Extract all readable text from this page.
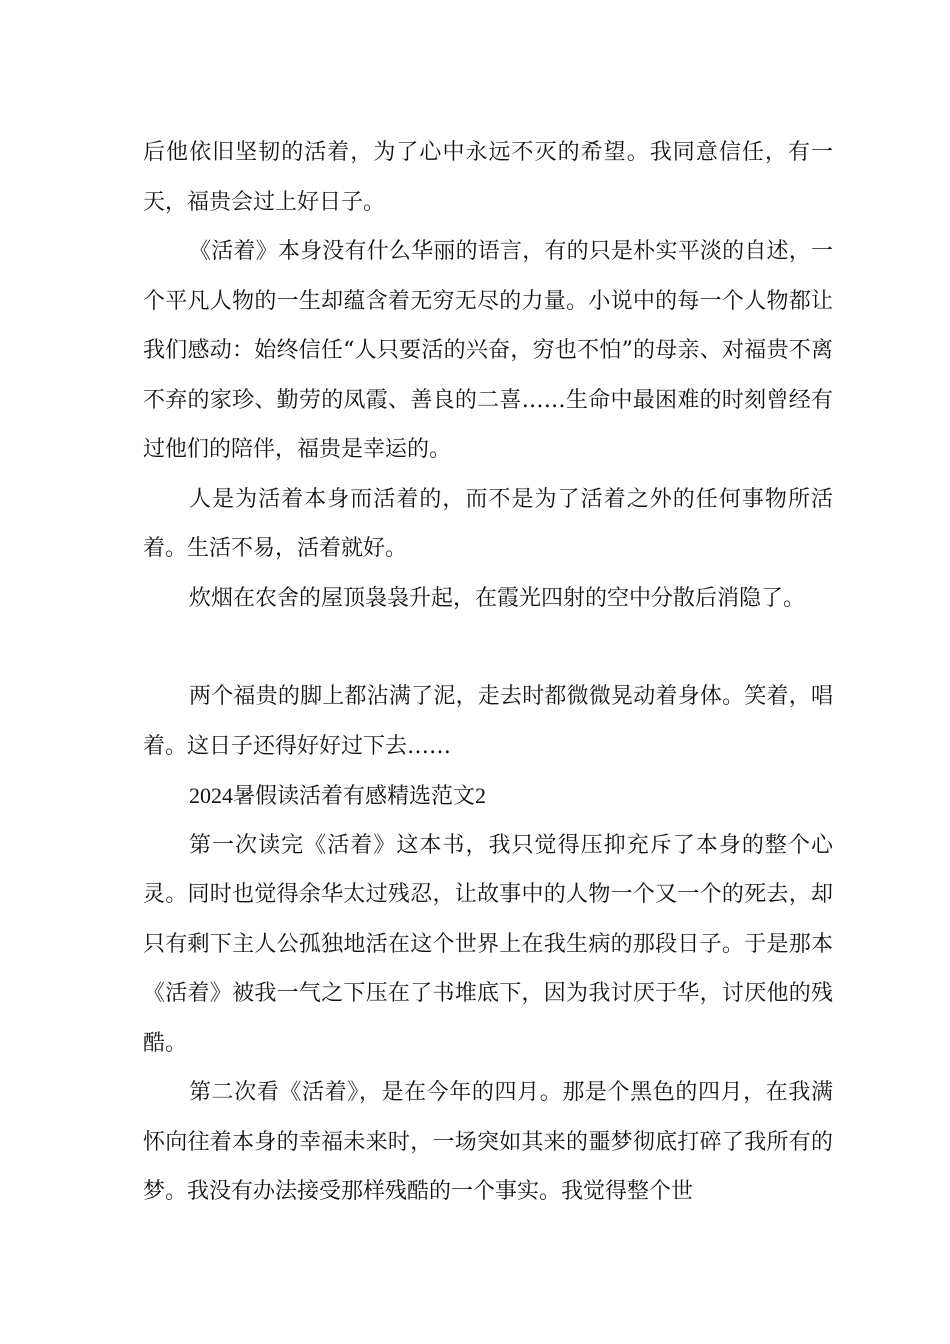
后他依旧坚韧的活着，为了心中永远不灭的希望。我同意信任，有一天，福贵会过上好日子。

《活着》本身没有什么华丽的语言，有的只是朴实平淡的自述，一个平凡人物的一生却蕴含着无穷无尽的力量。小说中的每一个人物都让我们感动：始终信任“人只要活的兴奋，穷也不怕”的母亲、对福贵不离不弃的家珍、勤劳的凤霞、善良的二喜……生命中最困难的时刻曾经有过他们的陪伴，福贵是幸运的。

人是为活着本身而活着的，而不是为了活着之外的任何事物所活着。生活不易，活着就好。

炊烟在农舍的屋顶袅袅升起，在霞光四射的空中分散后消隐了。

两个福贵的脚上都沾满了泥，走去时都微微晃动着身体。笑着，唱着。这日子还得好好过下去……

2024暑假读活着有感精选范文2

第一次读完《活着》这本书，我只觉得压抑充斥了本身的整个心灵。同时也觉得余华太过残忍，让故事中的人物一个又一个的死去，却只有剩下主人公孤独地活在这个世界上在我生病的那段日子。于是那本《活着》被我一气之下压在了书堆底下，因为我讨厌于华，讨厌他的残酷。

第二次看《活着》，是在今年的四月。那是个黑色的四月，在我满怀向往着本身的幸福未来时，一场突如其来的噩梦彻底打碎了我所有的梦。我没有办法接受那样残酷的一个事实。我觉得整个世
